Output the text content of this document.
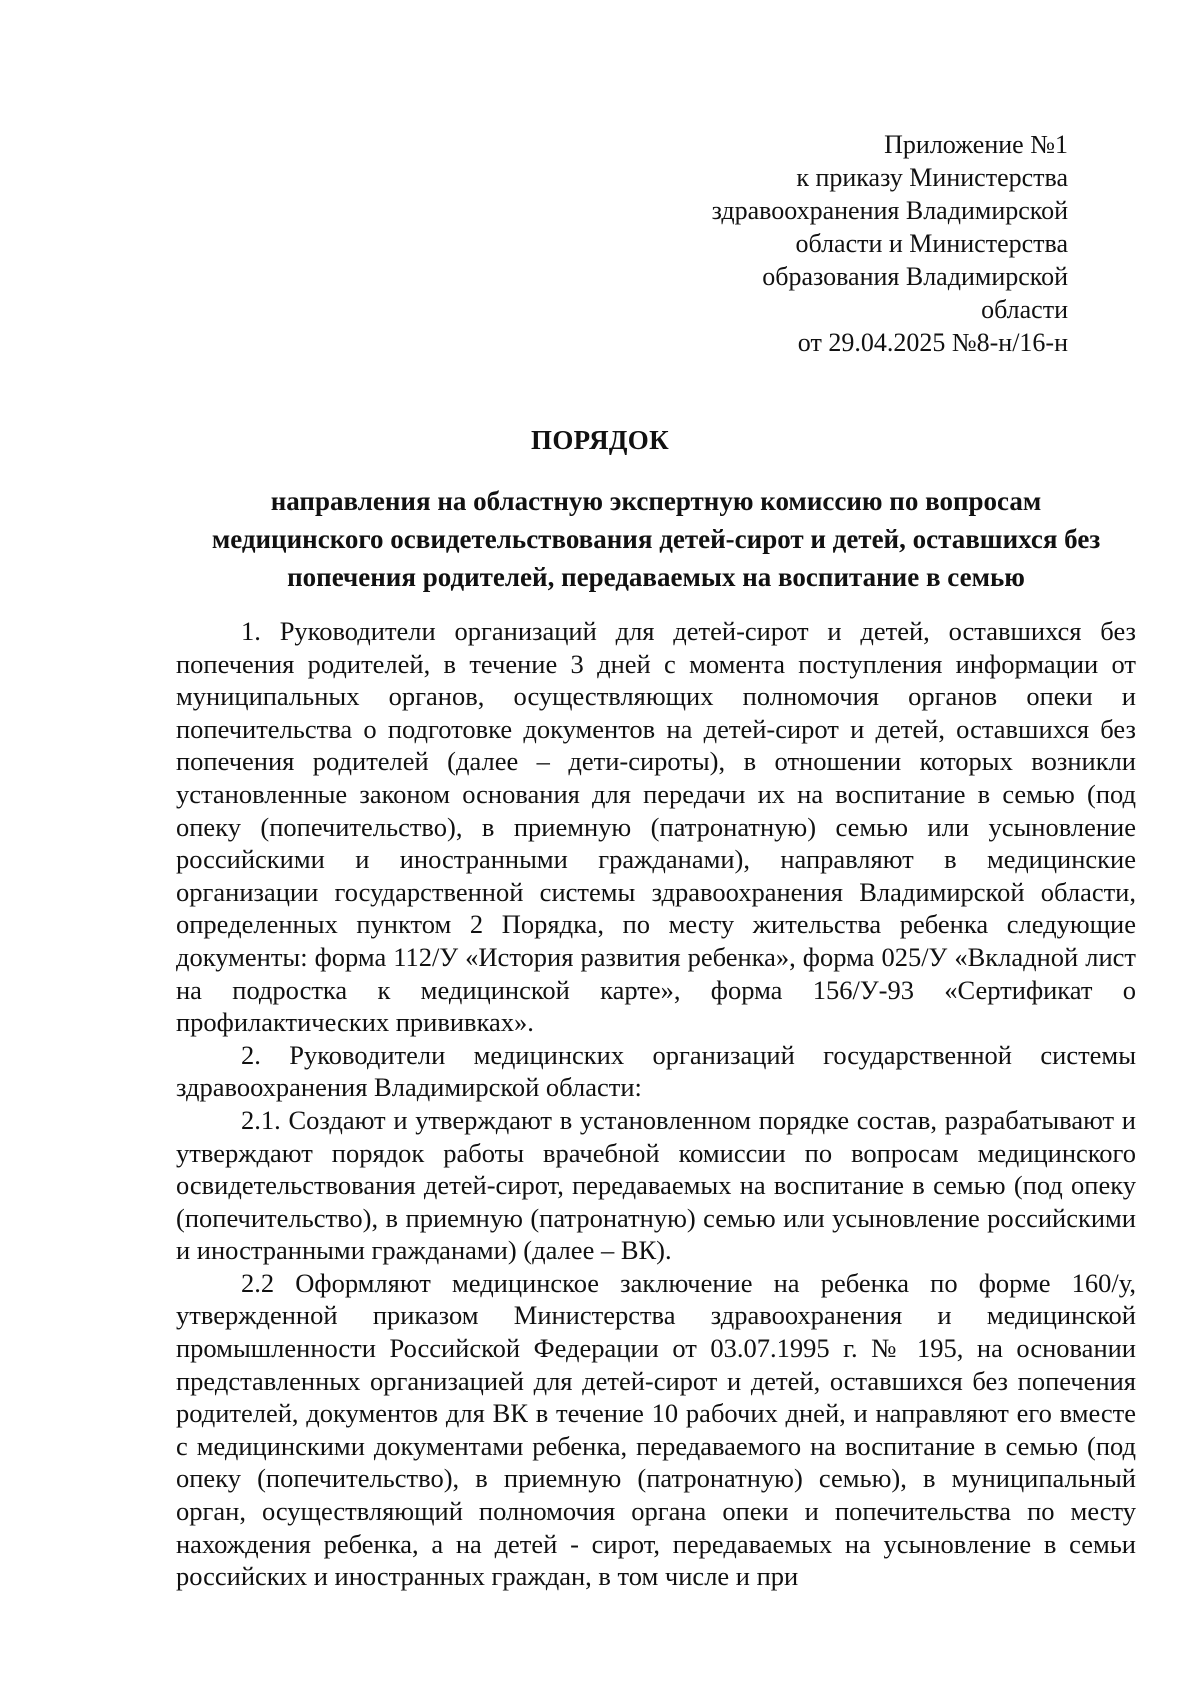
Приложение №1
к приказу Министерства
здравоохранения Владимирской
области и Министерства
образования Владимирской
области
от 29.04.2025 №8-н/16-н
ПОРЯДОК
направления на областную экспертную комиссию по вопросам
медицинского освидетельствования детей-сирот и детей, оставшихся без
попечения родителей, передаваемых на воспитание в семью

1. Руководители организаций для детей-сирот и детей, оставшихся без попечения родителей, в течение 3 дней с момента поступления информации от муниципальных органов, осуществляющих полномочия органов опеки и попечительства о подготовке документов на детей-сирот и детей, оставшихся без попечения родителей (далее – дети-сироты), в отношении которых возникли установленные законом основания для передачи их на воспитание в семью (под опеку (попечительство), в приемную (патронатную) семью или усыновление российскими и иностранными гражданами), направляют в медицинские организации государственной системы здравоохранения Владимирской области, определенных пунктом 2 Порядка, по месту жительства ребенка следующие документы: форма 112/У «История развития ребенка», форма 025/У «Вкладной лист на подростка к медицинской карте», форма 156/У-93 «Сертификат о профилактических прививках».

2. Руководители медицинских организаций государственной системы здравоохранения Владимирской области:

2.1. Создают и утверждают в установленном порядке состав, разрабатывают и утверждают порядок работы врачебной комиссии по вопросам медицинского освидетельствования детей-сирот, передаваемых на воспитание в семью (под опеку (попечительство), в приемную (патронатную) семью или усыновление российскими и иностранными гражданами) (далее – ВК).

2.2 Оформляют медицинское заключение на ребенка по форме 160/у, утвержденной приказом Министерства здравоохранения и медицинской промышленности Российской Федерации от 03.07.1995 г. № 195, на основании представленных организацией для детей-сирот и детей, оставшихся без попечения родителей, документов для ВК в течение 10 рабочих дней, и направляют его вместе с медицинскими документами ребенка, передаваемого на воспитание в семью (под опеку (попечительство), в приемную (патронатную) семью), в муниципальный орган, осуществляющий полномочия органа опеки и попечительства по месту нахождения ребенка, а на детей - сирот, передаваемых на усыновление в семьи российских и иностранных граждан, в том числе и при
